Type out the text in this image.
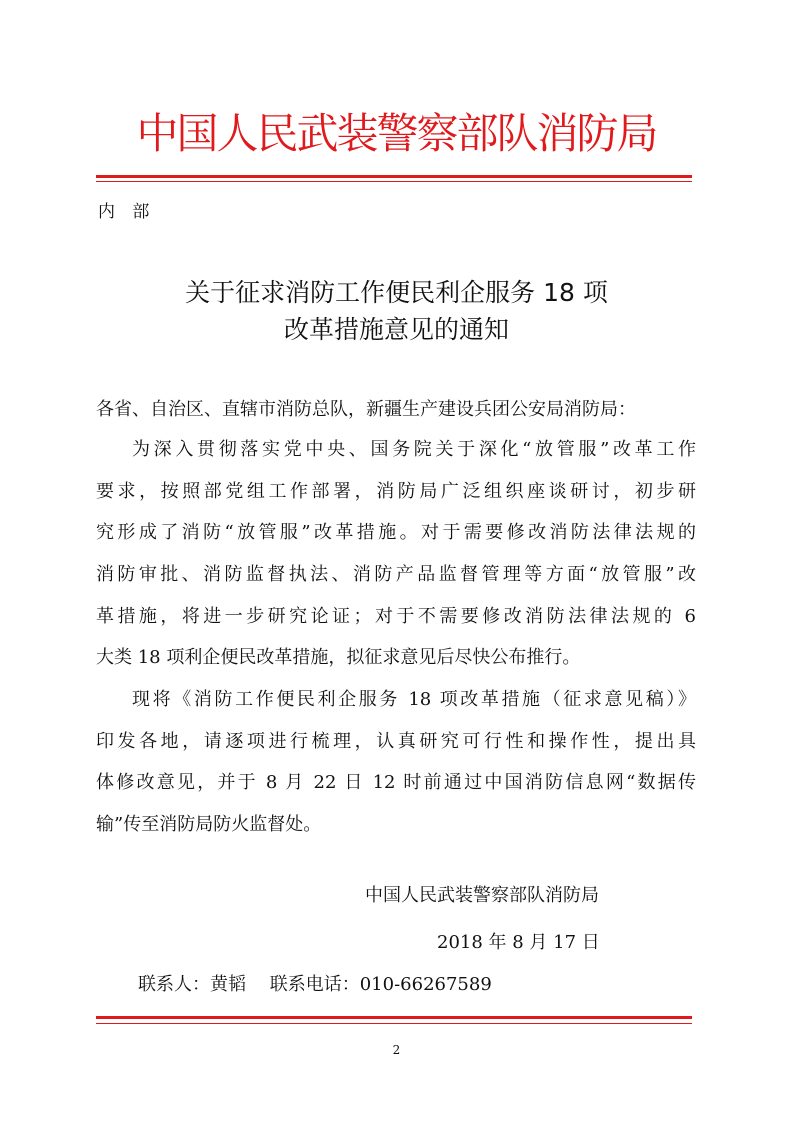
中国人民武装警察部队消防局
内 部
关于征求消防工作便民利企服务 18 项
改革措施意见的通知
各省、自治区、直辖市消防总队，新疆生产建设兵团公安局消防局：
为深入贯彻落实党中央、国务院关于深化“放管服”改革工作
要求，按照部党组工作部署，消防局广泛组织座谈研讨，初步研
究形成了消防“放管服”改革措施。对于需要修改消防法律法规的
消防审批、消防监督执法、消防产品监督管理等方面“放管服”改
革措施，将进一步研究论证；对于不需要修改消防法律法规的 6
大类 18 项利企便民改革措施，拟征求意见后尽快公布推行。
现将《消防工作便民利企服务 18 项改革措施（征求意见稿）》
印发各地，请逐项进行梳理，认真研究可行性和操作性，提出具
体修改意见，并于 8 月 22 日 12 时前通过中国消防信息网“数据传
输”传至消防局防火监督处。
中国人民武装警察部队消防局
2018 年 8 月 17 日
联系人：黄韬　 联系电话：010-66267589
2
